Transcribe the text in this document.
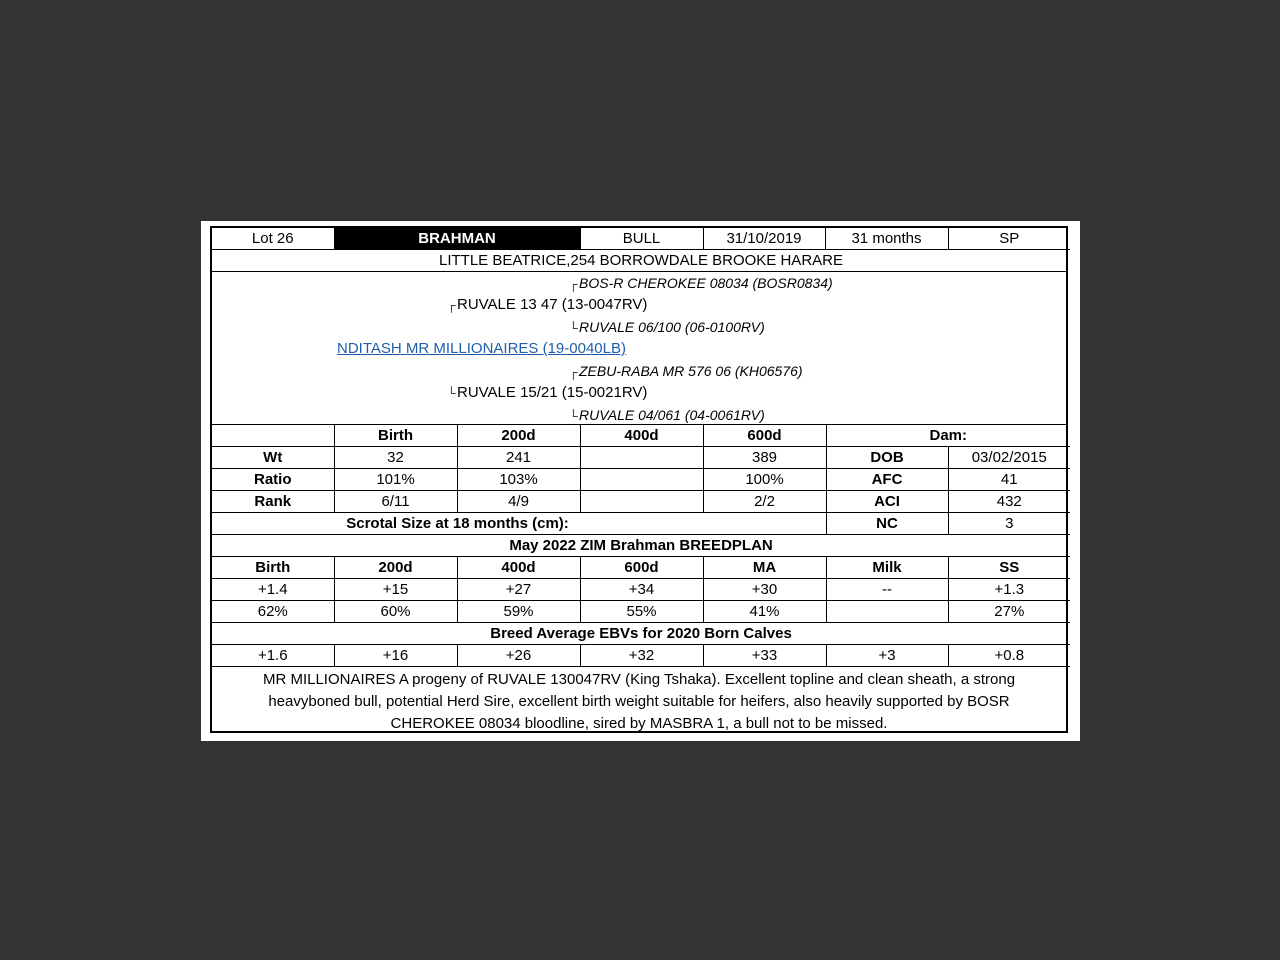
Lot 26	BRAHMAN	BULL	31/10/2019	31 months	SP
LITTLE BEATRICE,254 BORROWDALE BROOKE HARARE
┌BOS-R CHEROKEE 08034 (BOSR0834)
┌RUVALE 13 47 (13-0047RV)
└RUVALE 06/100 (06-0100RV)
NDITASH MR MILLIONAIRES (19-0040LB)
┌ZEBU-RABA MR 576 06 (KH06576)
└RUVALE 15/21 (15-0021RV)
└RUVALE 04/061 (04-0061RV)
	Birth	200d	400d	600d	Dam:	
Wt	32	241		389	DOB	03/02/2015
Ratio	101%	103%		100%	AFC	41
Rank	6/11	4/9		2/2	ACI	432
Scrotal Size at 18 months (cm):					NC	3
May 2022 ZIM Brahman BREEDPLAN						
Birth	200d	400d	600d	MA	Milk	SS
+1.4	+15	+27	+34	+30	--	+1.3
62%	60%	59%	55%	41%		27%
Breed Average EBVs for 2020 Born Calves						
+1.6	+16	+26	+32	+33	+3	+0.8
MR MILLIONAIRES A progeny of RUVALE 130047RV (King Tshaka). Excellent topline and clean sheath, a strong heavyboned bull, potential Herd Sire, excellent birth weight suitable for heifers, also heavily supported by BOSR CHEROKEE 08034 bloodline, sired by MASBRA 1, a bull not to be missed.
